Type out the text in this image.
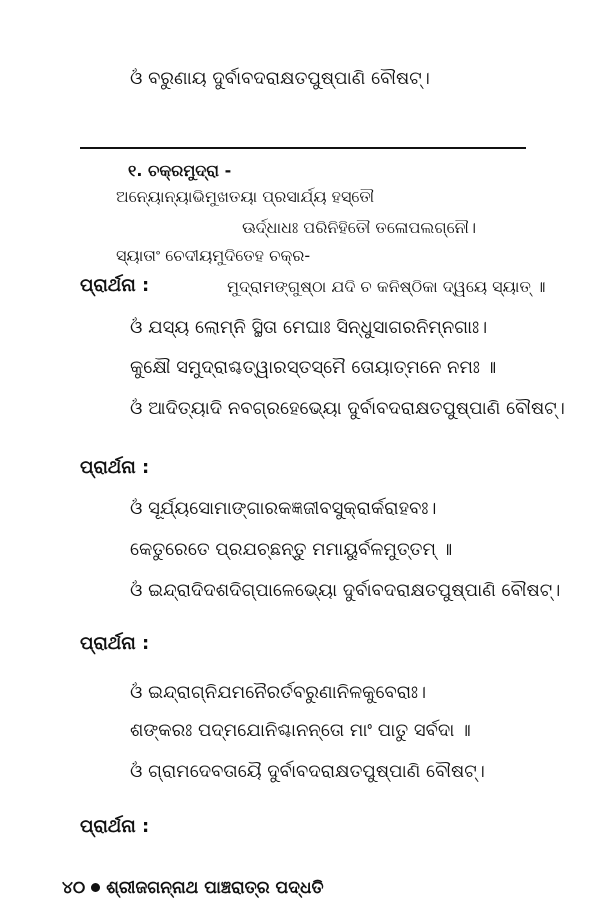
ଓଁ ବରୁଣାୟ ଦୁର୍ବାବଦରାକ୍ଷତପୁଷ୍ପାଣି ବୌଷଟ୍।
୧. ଚକ୍ରମୁଦ୍ରା -
ଅନ୍ୟୋନ୍ୟାଭିମୁଖତୟା ପ୍ରସାର୍ଯ୍ୟ ହସ୍ତୌ
ଊର୍ଦ୍ଧାଧଃ ପରିନିହିତୌ ତଳୋପଲଗ୍ନୌ।
ସ୍ୟାତାଂ ଚେଦୀୟମୁଦିତେହ ଚକ୍ର-
ପ୍ରାର୍ଥନା :	ମୁଦ୍ରାମଙ୍ଗୁଷ୍ଠା ଯଦି ଚ କନିଷ୍ଠିକା ଦ୍ୱୟେ ସ୍ୟାତ୍ ॥
ଓଁ ଯସ୍ୟ ଲୋମ୍ନି ସ୍ଥିତା ମେଘାଃ ସିନ୍ଧୁସାଗରନିମ୍ନଗାଃ।
କୁକ୍ଷୌ ସମୁଦ୍ରାଶ୍ଚତ୍ୱାରସ୍ତସ୍ମୈ ତୋୟାତ୍ମନେ ନମଃ ॥
ଓଁ ଆଦିତ୍ୟାଦି ନବଗ୍ରହେଭ୍ୟୋ ଦୁର୍ବାବଦରାକ୍ଷତପୁଷ୍ପାଣି ବୌଷଟ୍।
ପ୍ରାର୍ଥନା :
ଓଁ ସୂର୍ଯ୍ୟସୋମାଙ୍ଗାରକଜ୍ଞଜୀବସୁକ୍ରାର୍କରାହବଃ।
କେତୁରେତେ ପ୍ରଯଚ୍ଛନ୍ତୁ ମମାୟୁର୍ବଳମୁତ୍ତମ୍ ॥
ଓଁ ଇନ୍ଦ୍ରାଦିଦଶଦିଗ୍‌ପାଳେଭ୍ୟୋ ଦୁର୍ବାବଦରାକ୍ଷତପୁଷ୍ପାଣି ବୌଷଟ୍।
ପ୍ରାର୍ଥନା :
ଓଁ ଇନ୍ଦ୍ରାଗ୍ନିଯମନୈରର୍ତବରୁଣାନିଳକୁବେରାଃ।
ଶଙ୍କରଃ ପଦ୍ମଯୋନିଶ୍ଚାନନ୍ତୋ ମାଂ ପାତୁ ସର୍ବଦା ॥
ଓଁ ଗ୍ରାମଦେବତାୟୈ ଦୁର୍ବାବଦରାକ୍ଷତପୁଷ୍ପାଣି ବୌଷଟ୍।
ପ୍ରାର୍ଥନା :
୪୦ ଶ୍ରୀଜଗନ୍ନାଥ ପାଞ୍ଚରାତ୍ର ପଦ୍ଧତି
